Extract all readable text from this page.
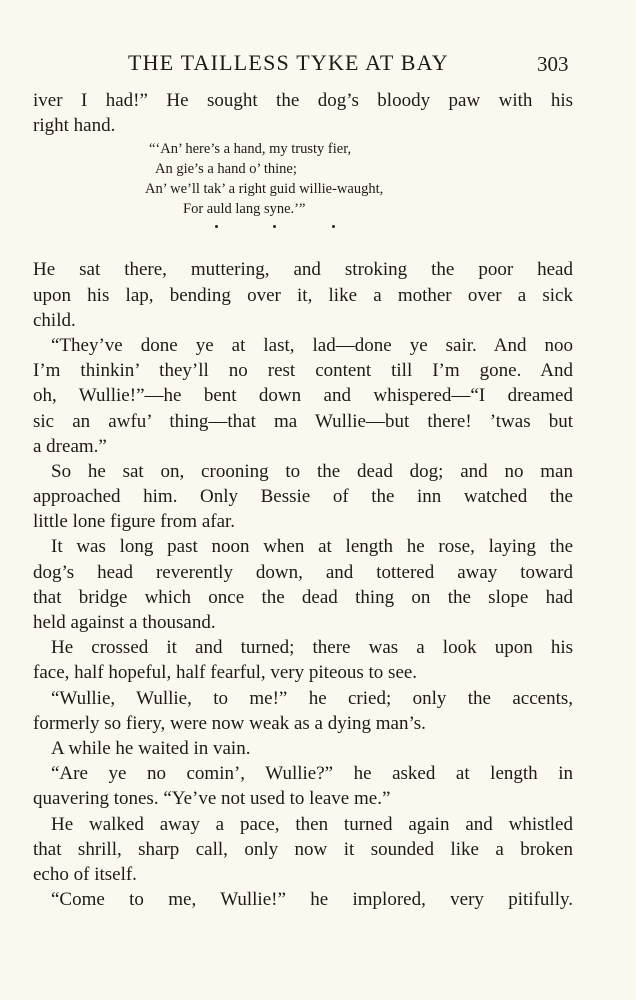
THE TAILLESS TYKE AT BAY	303
iver I had!” He sought the dog’s bloody paw with his
right hand.
“‘An’ here’s a hand, my trusty fier,
An gie’s a hand o’ thine;
An’ we’ll tak’ a right guid willie-waught,
For auld lang syne.’”
He sat there, muttering, and stroking the poor head
upon his lap, bending over it, like a mother over a sick
child.
“They’ve done ye at last, lad—done ye sair. And noo
I’m thinkin’ they’ll no rest content till I’m gone. And
oh, Wullie!”—he bent down and whispered—“I dreamed
sic an awfu’ thing—that ma Wullie—but there! ’twas but
a dream.”
So he sat on, crooning to the dead dog; and no man
approached him. Only Bessie of the inn watched the
little lone figure from afar.
It was long past noon when at length he rose, laying the
dog’s head reverently down, and tottered away toward
that bridge which once the dead thing on the slope had
held against a thousand.
He crossed it and turned; there was a look upon his
face, half hopeful, half fearful, very piteous to see.
“Wullie, Wullie, to me!” he cried; only the accents,
formerly so fiery, were now weak as a dying man’s.
A while he waited in vain.
“Are ye no comin’, Wullie?” he asked at length in
quavering tones. “Ye’ve not used to leave me.”
He walked away a pace, then turned again and whistled
that shrill, sharp call, only now it sounded like a broken
echo of itself.
“Come to me, Wullie!” he implored, very pitifully.
